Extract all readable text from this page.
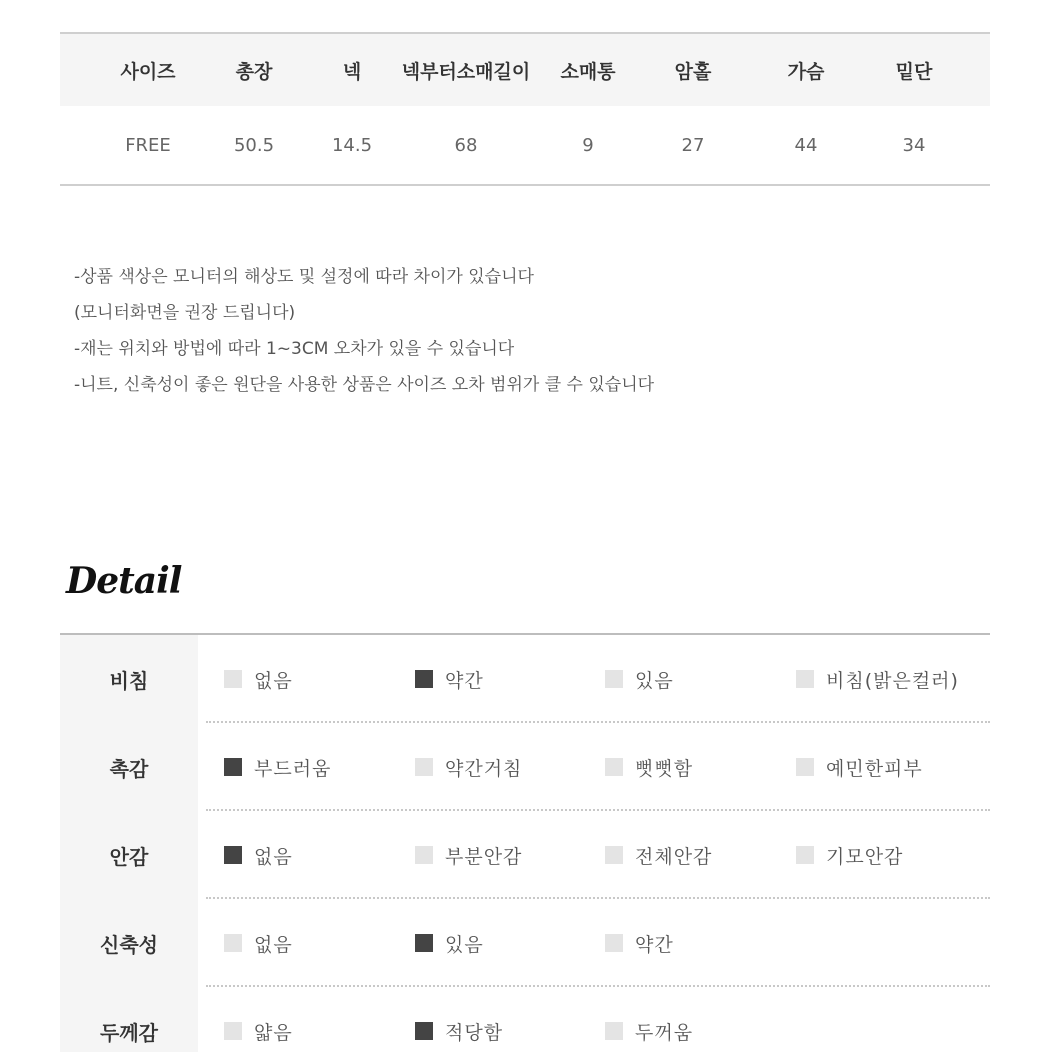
사이즈	총장	넥	넥부터소매길이	소매통	암홀	가슴	밑단
FREE	50.5	14.5	68	9	27	44	34
-상품 색상은 모니터의 해상도 및 설정에 따라 차이가 있습니다
(모니터화면을 권장 드립니다)
-재는 위치와 방법에 따라 1~3CM 오차가 있을 수 있습니다
-니트, 신축성이 좋은 원단을 사용한 상품은 사이즈 오차 범위가 클 수 있습니다
Detail
비침	없음	약간	있음	비침(밝은컬러)
촉감	부드러움	약간거침	뻣뻣함	예민한피부
안감	없음	부분안감	전체안감	기모안감
신축성	없음	있음	약간
두께감	얇음	적당함	두꺼움
